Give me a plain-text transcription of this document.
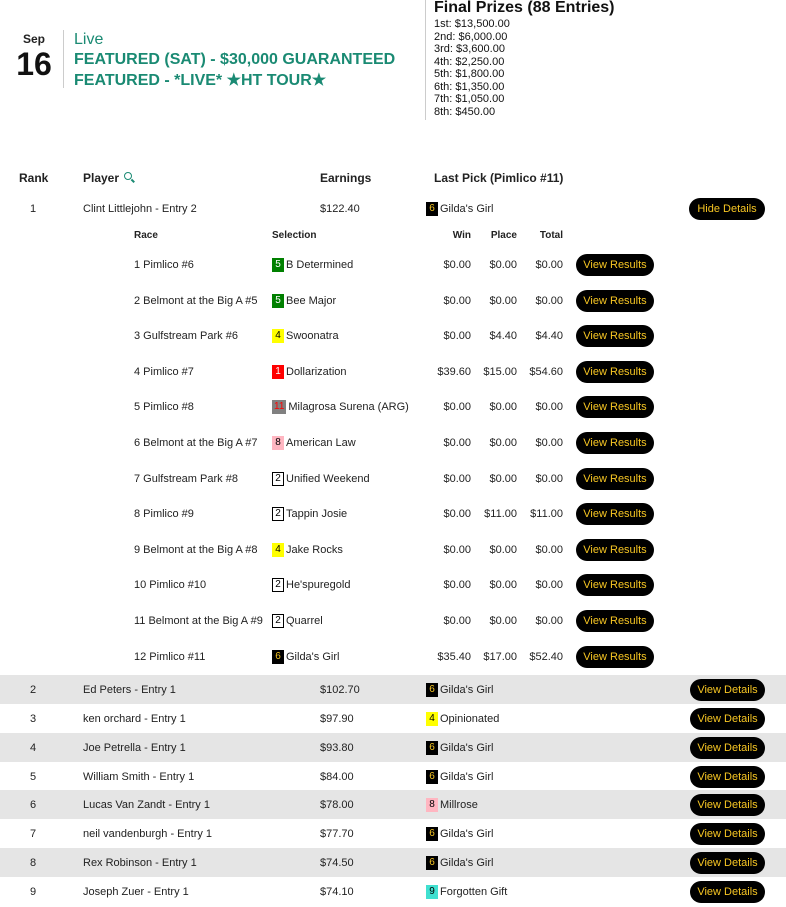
Sep
16
Live
FEATURED (SAT) - $30,000 GUARANTEED
FEATURED - *LIVE* ★HT TOUR★
Final Prizes (88 Entries)
1st: $13,500.00
2nd: $6,000.00
3rd: $3,600.00
4th: $2,250.00
5th: $1,800.00
6th: $1,350.00
7th: $1,050.00
8th: $450.00
Rank	Player	Earnings	Last Pick (Pimlico #11)
1	Clint Littlejohn - Entry 2	$122.40	6 Gilda's Girl	Hide Details
Race	Selection	Win Place Total
1 Pimlico #6	5 B Determined	$0.00 $0.00 $0.00	View Results
2 Belmont at the Big A #5	5 Bee Major	$0.00 $0.00 $0.00	View Results
3 Gulfstream Park #6	4 Swoonatra	$0.00 $4.40 $4.40	View Results
4 Pimlico #7	1 Dollarization	$39.60 $15.00 $54.60	View Results
5 Pimlico #8	11 Milagrosa Surena (ARG)	$0.00 $0.00 $0.00	View Results
6 Belmont at the Big A #7	8 American Law	$0.00 $0.00 $0.00	View Results
7 Gulfstream Park #8	2 Unified Weekend	$0.00 $0.00 $0.00	View Results
8 Pimlico #9	2 Tappin Josie	$0.00 $11.00 $11.00	View Results
9 Belmont at the Big A #8	4 Jake Rocks	$0.00 $0.00 $0.00	View Results
10 Pimlico #10	2 He'spuregold	$0.00 $0.00 $0.00	View Results
11 Belmont at the Big A #9	2 Quarrel	$0.00 $0.00 $0.00	View Results
12 Pimlico #11	6 Gilda's Girl	$35.40 $17.00 $52.40	View Results
2	Ed Peters - Entry 1	$102.70	6 Gilda's Girl	View Details
3	ken orchard - Entry 1	$97.90	4 Opinionated	View Details
4	Joe Petrella - Entry 1	$93.80	6 Gilda's Girl	View Details
5	William Smith - Entry 1	$84.00	6 Gilda's Girl	View Details
6	Lucas Van Zandt - Entry 1	$78.00	8 Millrose	View Details
7	neil vandenburgh - Entry 1	$77.70	6 Gilda's Girl	View Details
8	Rex Robinson - Entry 1	$74.50	6 Gilda's Girl	View Details
9	Joseph Zuer - Entry 1	$74.10	9 Forgotten Gift	View Details
